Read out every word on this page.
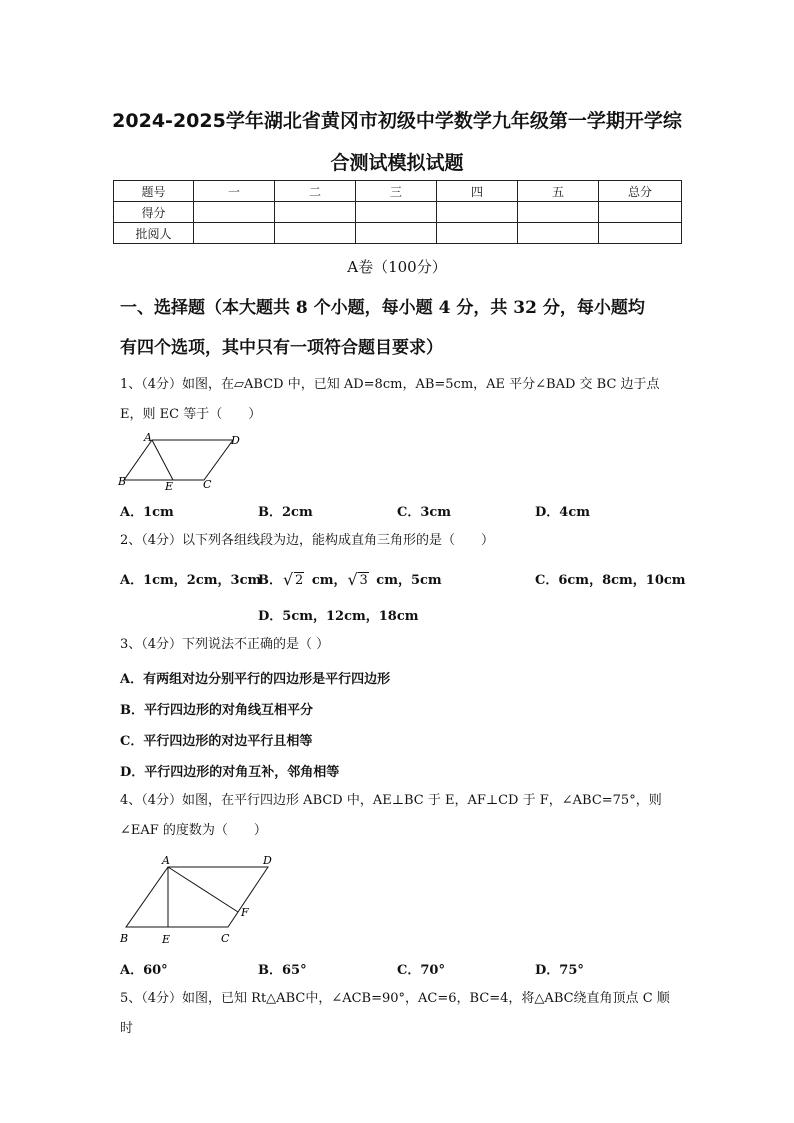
2024-2025学年湖北省黄冈市初级中学数学九年级第一学期开学综
合测试模拟试题
题号	一	二	三	四	五	总分
得分						
批阅人						
A卷（100分）
一、选择题（本大题共 8 个小题，每小题 4 分，共 32 分，每小题均
有四个选项，其中只有一项符合题目要求）
1、（4分）如图，在▱ABCD 中，已知 AD=8cm，AB=5cm，AE 平分∠BAD 交 BC 边于点
E，则 EC 等于（　　）
A	D
B	E	C
A．1cm	B．2cm	C．3cm	D．4cm
2、（4分）以下列各组线段为边，能构成直角三角形的是（　　）
A．1cm，2cm，3cm
B． √ 2 cm， √ 3 cm，5cm	C．6cm，8cm，10cm
D．5cm，12cm，18cm
3、（4分）下列说法不正确的是（ ）
A．有两组对边分别平行的四边形是平行四边形
B．平行四边形的对角线互相平分
C．平行四边形的对边平行且相等
D．平行四边形的对角互补，邻角相等
4、（4分）如图，在平行四边形 ABCD 中，AE⊥BC 于 E，AF⊥CD 于 F，∠ABC=75°，则
∠EAF 的度数为（　　）
A	D
F
B	E	C
A．60°	B．65°	C．70°	D．75°
5、（4分）如图，已知 Rt△ABC中，∠ACB=90°，AC=6，BC=4，将△ABC绕直角顶点 C 顺时
